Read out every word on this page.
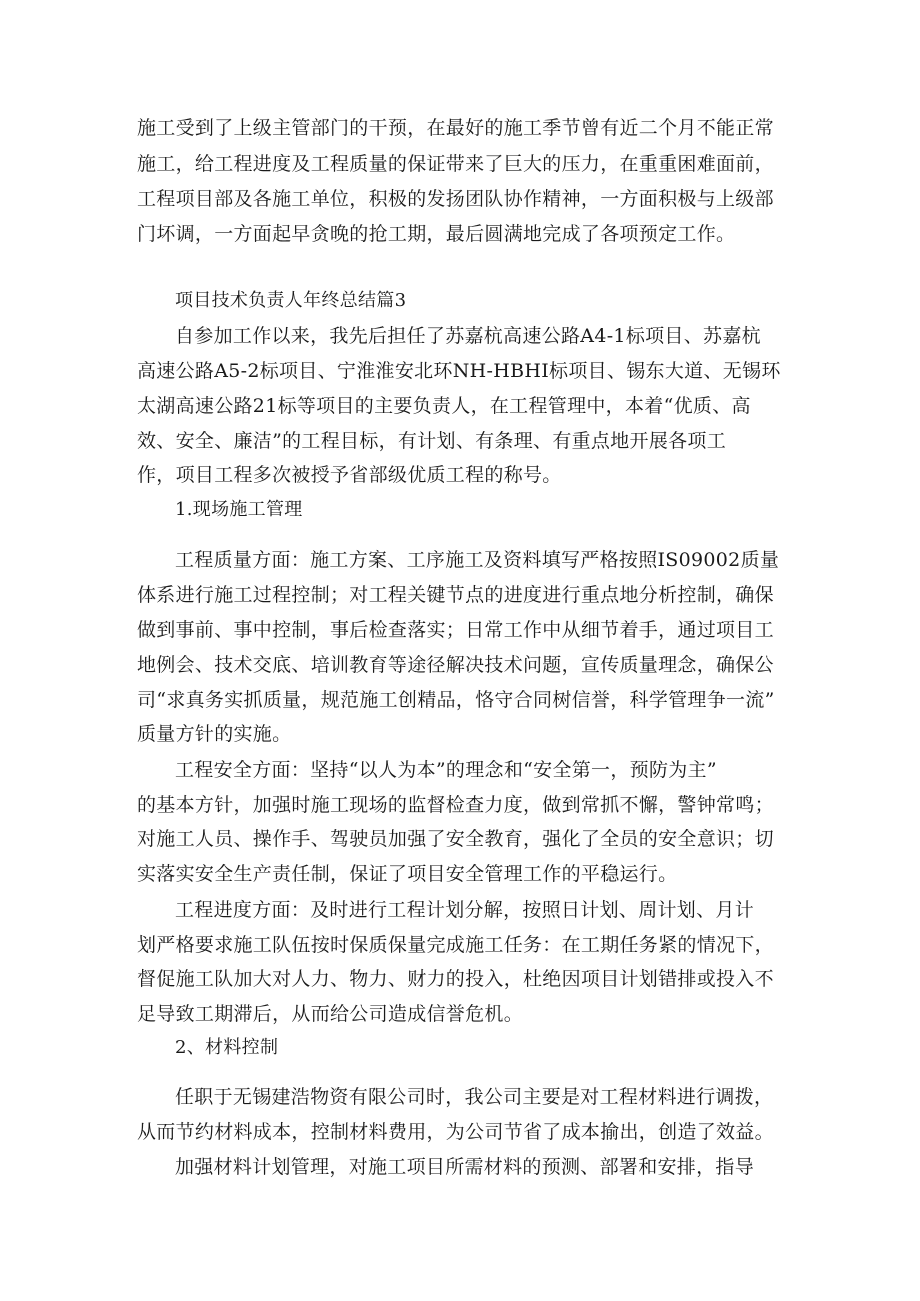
施工受到了上级主管部门的干预，在最好的施工季节曾有近二个月不能正常
施工，给工程进度及工程质量的保证带来了巨大的压力，在重重困难面前，
工程项目部及各施工单位，积极的发扬团队协作精神，一方面积极与上级部
门坏调，一方面起早贪晚的抢工期，最后圆满地完成了各项预定工作。
项目技术负责人年终总结篇3
自参加工作以来，我先后担任了苏嘉杭高速公路A4-1标项目、苏嘉杭
高速公路A5-2标项目、宁淮淮安北环NH-HBHI标项目、锡东大道、无锡环
太湖高速公路21标等项目的主要负责人，在工程管理中，本着“优质、高
效、安全、廉洁”的工程目标，有计划、有条理、有重点地开展各项工
作，项目工程多次被授予省部级优质工程的称号。
1.现场施工管理
工程质量方面：施工方案、工序施工及资料填写严格按照IS09002质量
体系进行施工过程控制；对工程关键节点的进度进行重点地分析控制，确保
做到事前、事中控制，事后检查落实；日常工作中从细节着手，通过项目工
地例会、技术交底、培训教育等途径解决技术问题，宣传质量理念，确保公
司“求真务实抓质量，规范施工创精品，恪守合同树信誉，科学管理争一流”
质量方针的实施。
工程安全方面：坚持“以人为本”的理念和“安全第一，预防为主”
的基本方针，加强时施工现场的监督检查力度，做到常抓不懈，警钟常鸣；
对施工人员、操作手、驾驶员加强了安全教育，强化了全员的安全意识；切
实落实安全生产责任制，保证了项目安全管理工作的平稳运行。
工程进度方面：及时进行工程计划分解，按照日计划、周计划、月计
划严格要求施工队伍按时保质保量完成施工任务：在工期任务紧的情况下，
督促施工队加大对人力、物力、财力的投入，杜绝因项目计划错排或投入不
足导致工期滞后，从而给公司造成信誉危机。
2、材料控制
任职于无锡建浩物资有限公司时，我公司主要是对工程材料进行调拨，
从而节约材料成本，控制材料费用，为公司节省了成本揄出，创造了效益。
加强材料计划管理，对施工项目所需材料的预测、部署和安排，指导
